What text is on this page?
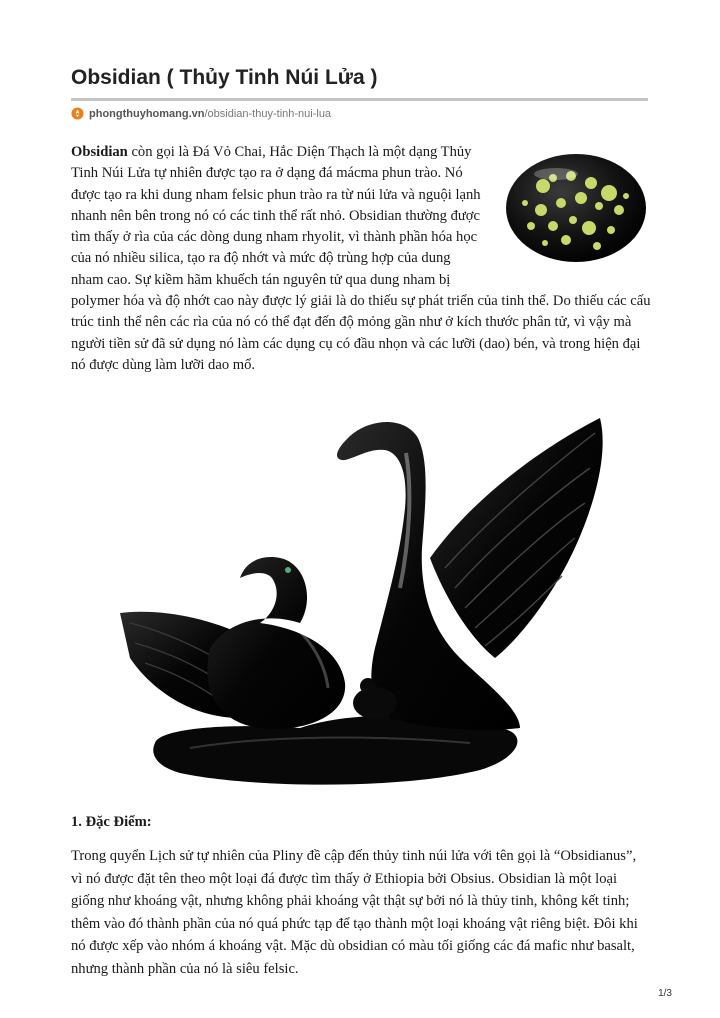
Obsidian ( Thủy Tinh Núi Lửa )
phongthuyhomang.vn /obsidian-thuy-tinh-nui-lua

Obsidian còn gọi là Đá Vỏ Chai, Hắc Diện Thạch là một dạng Thủy Tinh Núi Lửa tự nhiên được tạo ra ở dạng đá mácma phun trào. Nó được tạo ra khi dung nham felsic phun trào ra từ núi lửa và nguội lạnh nhanh nên bên trong nó có các tinh thể rất nhỏ. Obsidian thường được tìm thấy ở rìa của các dòng dung nham rhyolit, vì thành phần hóa học của nó nhiều silica, tạo ra độ nhớt và mức độ trùng hợp của dung nham cao. Sự kiềm hãm khuếch tán nguyên tử qua dung nham bị polymer hóa và độ nhớt cao này được lý giải là do thiếu sự phát triển của tinh thể. Do thiếu các cấu trúc tinh thể nên các rìa của nó có thể đạt đến độ mỏng gần như ở kích thước phân tử, vì vậy mà người tiền sử đã sử dụng nó làm các dụng cụ có đầu nhọn và các lưỡi (dao) bén, và trong hiện đại nó được dùng làm lưỡi dao mổ.

1. Đặc Điểm:

Trong quyển Lịch sử tự nhiên của Pliny đề cập đến thủy tinh núi lửa với tên gọi là “Obsidianus”, vì nó được đặt tên theo một loại đá được tìm thấy ở Ethiopia bởi Obsius. Obsidian là một loại giống như khoáng vật, nhưng không phải khoáng vật thật sự bởi nó là thủy tinh, không kết tinh; thêm vào đó thành phần của nó quá phức tạp để tạo thành một loại khoáng vật riêng biệt. Đôi khi nó được xếp vào nhóm á khoáng vật. Mặc dù obsidian có màu tối giống các đá mafic như basalt, nhưng thành phần của nó là siêu felsic.

1/3
